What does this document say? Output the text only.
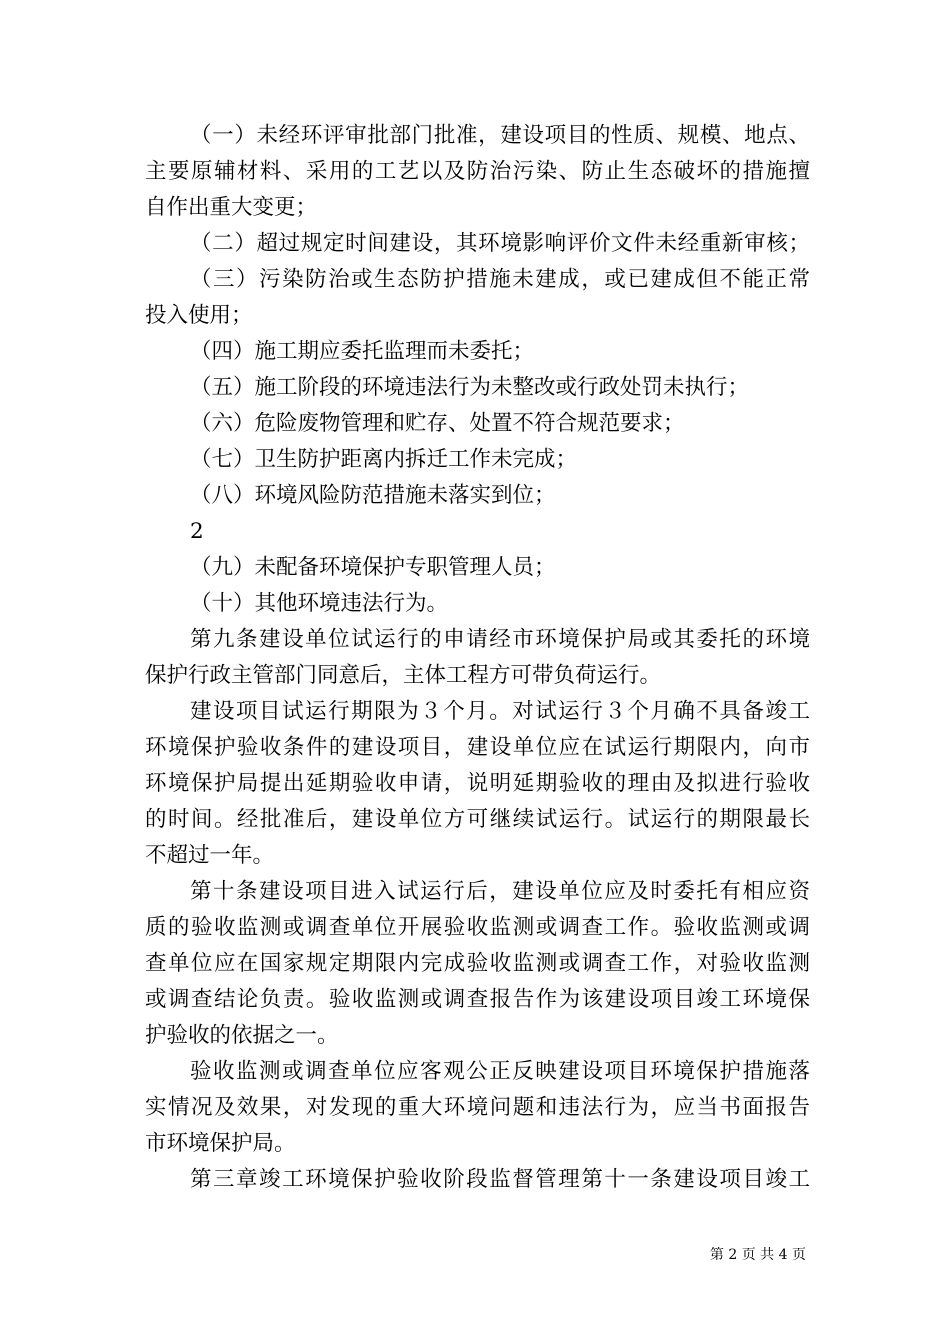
（一）未经环评审批部门批准，建设项目的性质、规模、地点、
主要原辅材料、采用的工艺以及防治污染、防止生态破坏的措施擅
自作出重大变更；
（二）超过规定时间建设，其环境影响评价文件未经重新审核；
（三）污染防治或生态防护措施未建成，或已建成但不能正常
投入使用；
（四）施工期应委托监理而未委托；
（五）施工阶段的环境违法行为未整改或行政处罚未执行；
（六）危险废物管理和贮存、处置不符合规范要求；
（七）卫生防护距离内拆迁工作未完成；
（八）环境风险防范措施未落实到位；
2
（九）未配备环境保护专职管理人员；
（十）其他环境违法行为。
第九条建设单位试运行的申请经市环境保护局或其委托的环境
保护行政主管部门同意后，主体工程方可带负荷运行。
建设项目试运行期限为３个月。对试运行３个月确不具备竣工
环境保护验收条件的建设项目，建设单位应在试运行期限内，向市
环境保护局提出延期验收申请，说明延期验收的理由及拟进行验收
的时间。经批准后，建设单位方可继续试运行。试运行的期限最长
不超过一年。
第十条建设项目进入试运行后，建设单位应及时委托有相应资
质的验收监测或调查单位开展验收监测或调查工作。验收监测或调
查单位应在国家规定期限内完成验收监测或调查工作，对验收监测
或调查结论负责。验收监测或调查报告作为该建设项目竣工环境保
护验收的依据之一。
验收监测或调查单位应客观公正反映建设项目环境保护措施落
实情况及效果，对发现的重大环境问题和违法行为，应当书面报告
市环境保护局。
第三章竣工环境保护验收阶段监督管理第十一条建设项目竣工
第 2 页 共 4 页
